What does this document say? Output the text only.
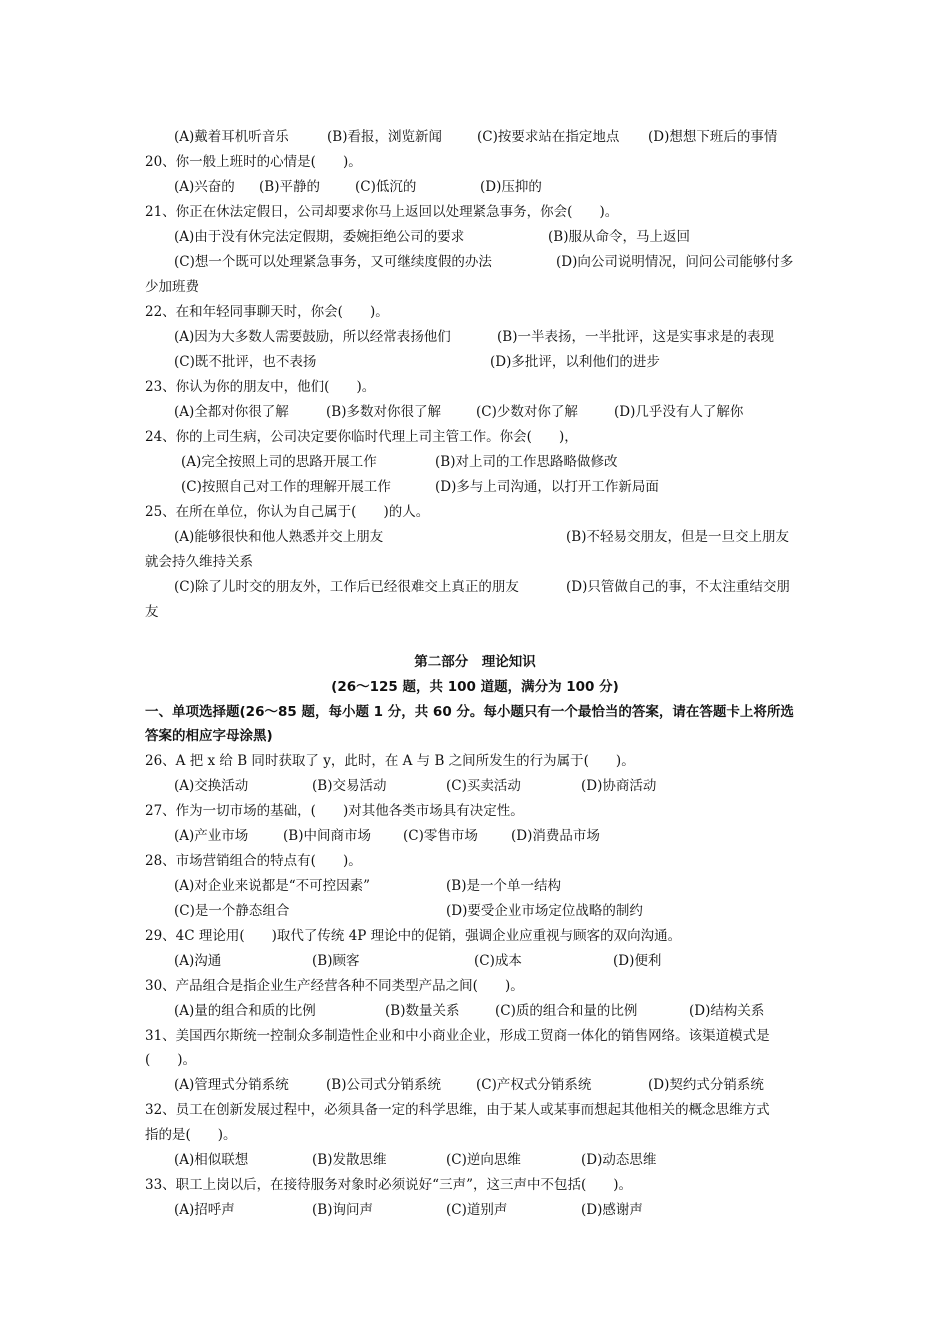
(A)戴着耳机听音乐	(B)看报，浏览新闻	(C)按要求站在指定地点 (D)想想下班后的事情
20、你一般上班时的心情是(　　)。
(A)兴奋的 (B)平静的	(C)低沉的	(D)压抑的
21、你正在休法定假日，公司却要求你马上返回以处理紧急事务，你会(　　)。
(A)由于没有休完法定假期，委婉拒绝公司的要求	(B)服从命令，马上返回
(C)想一个既可以处理紧急事务，又可继续度假的办法	(D)向公司说明情况，问问公司能够付多
少加班费
22、在和年轻同事聊天时，你会(　　)。
(A)因为大多数人需要鼓励，所以经常表扬他们	(B)一半表扬，一半批评，这是实事求是的表现
(C)既不批评，也不表扬	(D)多批评，以利他们的进步
23、你认为你的朋友中，他们(　　)。
(A)全都对你很了解	(B)多数对你很了解	(C)少数对你了解	(D)几乎没有人了解你
24、你的上司生病，公司决定要你临时代理上司主管工作。你会(　　)，
(A)完全按照上司的思路开展工作	(B)对上司的工作思路略做修改
(C)按照自己对工作的理解开展工作	(D)多与上司沟通，以打开工作新局面
25、在所在单位，你认为自己属于(　　)的人。
(A)能够很快和他人熟悉并交上朋友	(B)不轻易交朋友，但是一旦交上朋友
就会持久维持关系
(C)除了儿时交的朋友外，工作后已经很难交上真正的朋友	(D)只管做自己的事，不太注重结交朋
友
第二部分　理论知识
(26～125 题，共 100 道题，满分为 100 分)
一、单项选择题(26～85 题，每小题 1 分，共 60 分。每小题只有一个最恰当的答案，请在答题卡上将所选
答案的相应字母涂黑)
26、A 把 x 给 B 同时获取了 y，此时，在 A 与 B 之间所发生的行为属于(　　)。
(A)交换活动	(B)交易活动	(C)买卖活动	(D)协商活动
27、作为一切市场的基础，(　　)对其他各类市场具有决定性。
(A)产业市场	(B)中间商市场 (C)零售市场 (D)消费品市场
28、市场营销组合的特点有(　　)。
(A)对企业来说都是“不可控因素”	(B)是一个单一结构
(C)是一个静态组合	(D)要受企业市场定位战略的制约
29、4C 理论用(　　)取代了传统 4P 理论中的促销，强调企业应重视与顾客的双向沟通。
(A)沟通	(B)顾客	(C)成本	(D)便利
30、产品组合是指企业生产经营各种不同类型产品之间(　　)。
(A)量的组合和质的比例	(B)数量关系	(C)质的组合和量的比例	(D)结构关系
31、美国西尔斯统一控制众多制造性企业和中小商业企业，形成工贸商一体化的销售网络。该渠道模式是
(　　)。
(A)管理式分销系统	(B)公司式分销系统	(C)产权式分销系统	(D)契约式分销系统
32、员工在创新发展过程中，必须具备一定的科学思维，由于某人或某事而想起其他相关的概念思维方式
指的是(　　)。
(A)相似联想	(B)发散思维	(C)逆向思维	(D)动态思维
33、职工上岗以后，在接待服务对象时必须说好“三声”，这三声中不包括(　　)。
(A)招呼声	(B)询问声	(C)道别声	(D)感谢声
